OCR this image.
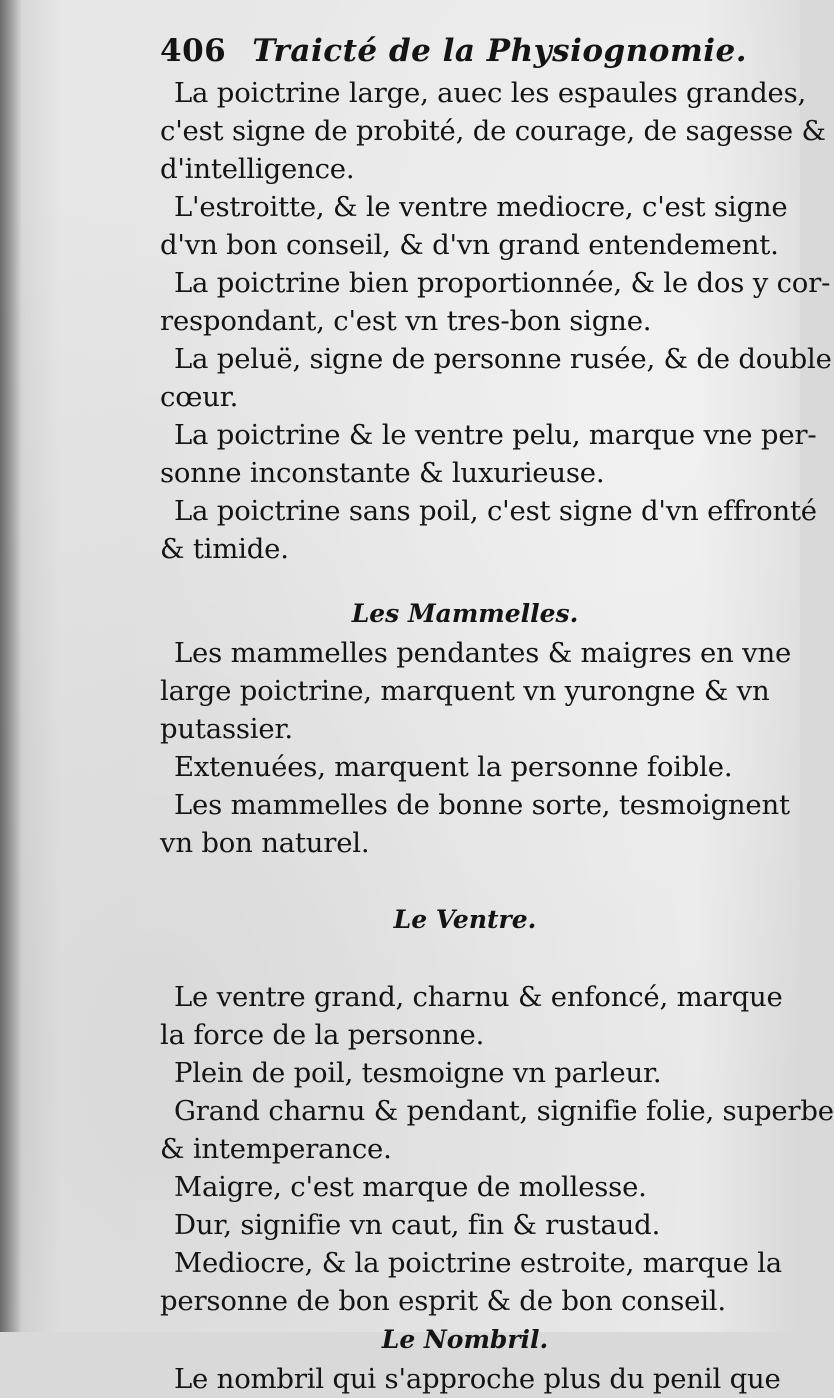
406 Traicté de la Physiognomie.
La poictrine large, auec les espaules grandes,
c'est signe de probité, de courage, de sagesse &
d'intelligence.
L'estroitte, & le ventre mediocre, c'est signe
d'vn bon conseil, & d'vn grand entendement.
La poictrine bien proportionnée, & le dos y cor-
respondant, c'est vn tres-bon signe.
La peluë, signe de personne rusée, & de double
cœur.
La poictrine & le ventre pelu, marque vne per-
sonne inconstante & luxurieuse.
La poictrine sans poil, c'est signe d'vn effronté
& timide.
Les Mammelles.
Les mammelles pendantes & maigres en vne
large poictrine, marquent vn yurongne & vn
putassier.
Extenuées, marquent la personne foible.
Les mammelles de bonne sorte, tesmoignent
vn bon naturel.
Le Ventre.
Le ventre grand, charnu & enfoncé, marque
la force de la personne.
Plein de poil, tesmoigne vn parleur.
Grand charnu & pendant, signifie folie, superbe
& intemperance.
Maigre, c'est marque de mollesse.
Dur, signifie vn caut, fin & rustaud.
Mediocre, & la poictrine estroite, marque la
personne de bon esprit & de bon conseil.
Le Nombril.
Le nombril qui s'approche plus du penil que
